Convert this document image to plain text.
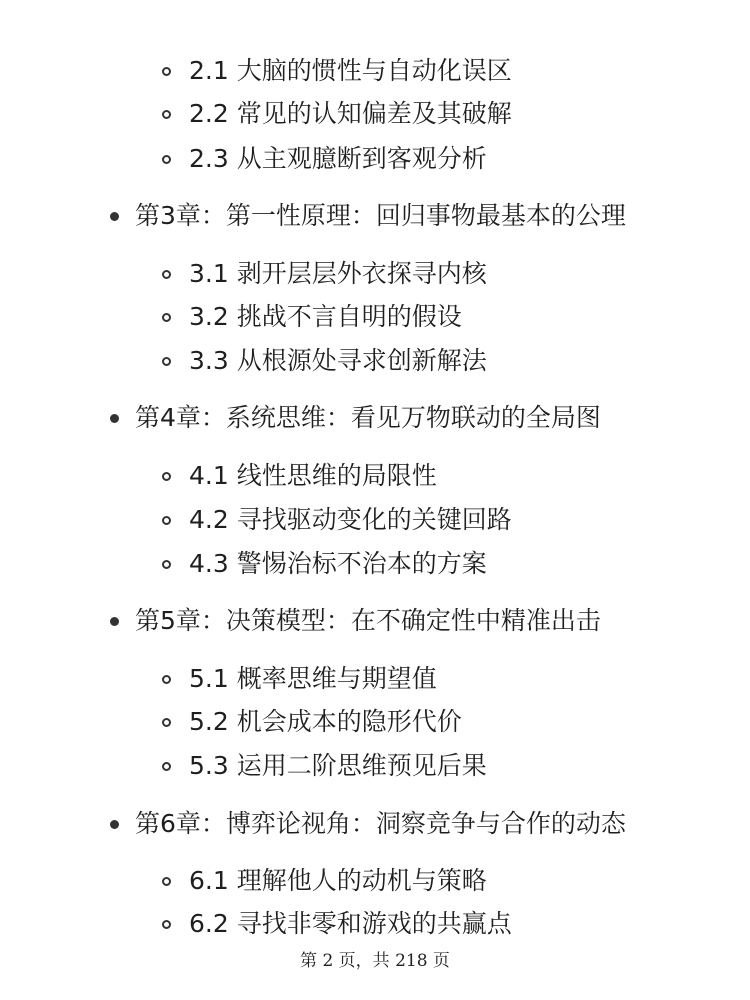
2.1 大脑的惯性与自动化误区
2.2 常见的认知偏差及其破解
2.3 从主观臆断到客观分析
第3章：第一性原理：回归事物最基本的公理
3.1 剥开层层外衣探寻内核
3.2 挑战不言自明的假设
3.3 从根源处寻求创新解法
第4章：系统思维：看见万物联动的全局图
4.1 线性思维的局限性
4.2 寻找驱动变化的关键回路
4.3 警惕治标不治本的方案
第5章：决策模型：在不确定性中精准出击
5.1 概率思维与期望值
5.2 机会成本的隐形代价
5.3 运用二阶思维预见后果
第6章：博弈论视角：洞察竞争与合作的动态
6.1 理解他人的动机与策略
6.2 寻找非零和游戏的共赢点
第 2 页，共 218 页
